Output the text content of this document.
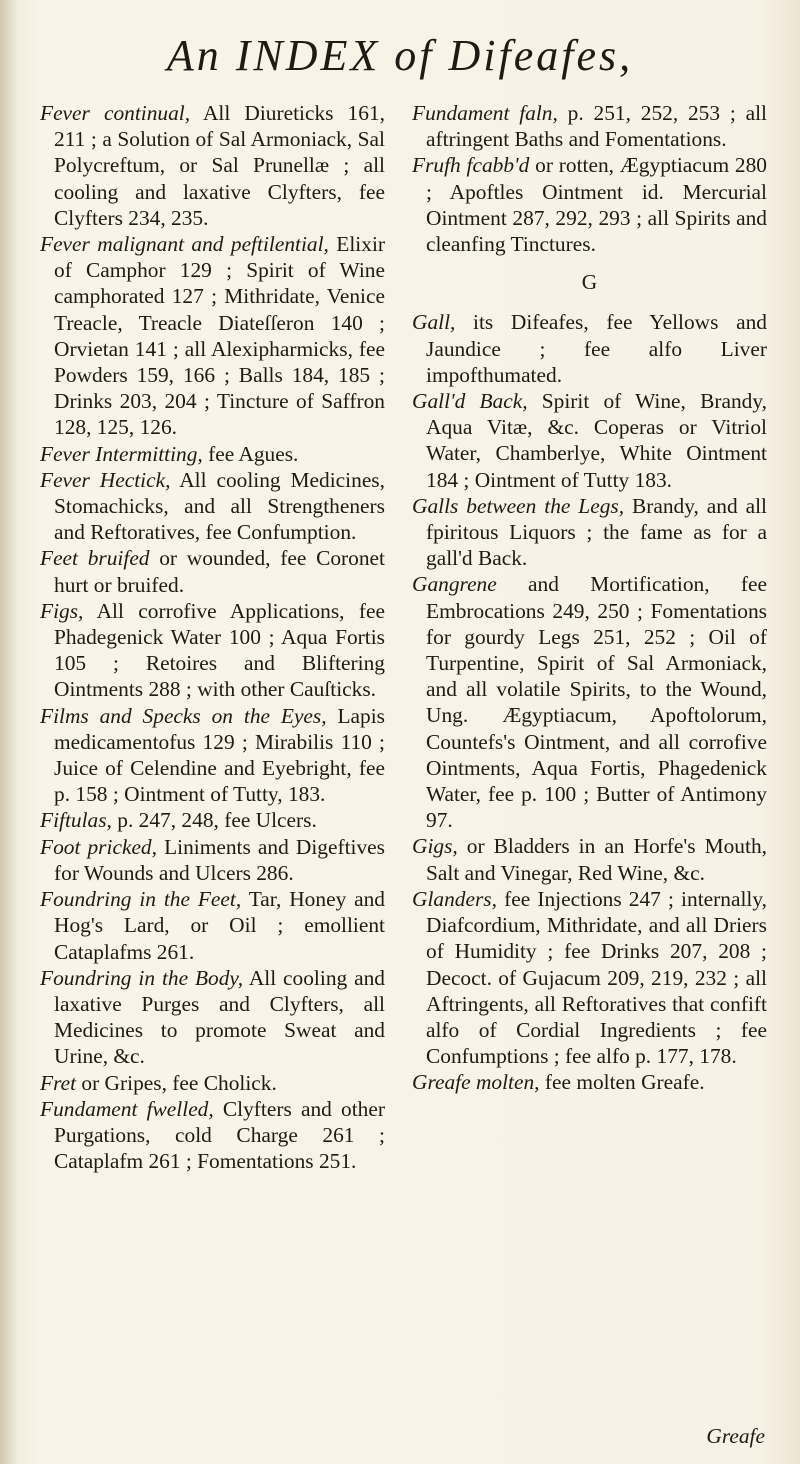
An INDEX of Difeafes,

Fever continual, All Diureticks 161, 211 ; a Solution of Sal Armoniack, Sal Polycreftum, or Sal Prunellæ ; all cooling and laxative Clyfters, fee Clyfters 234, 235.

Fever malignant and peftilential, Elixir of Camphor 129 ; Spirit of Wine camphorated 127 ; Mithridate, Venice Treacle, Treacle Diateſſeron 140 ; Orvietan 141 ; all Alexipharmicks, fee Powders 159, 166 ; Balls 184, 185 ; Drinks 203, 204 ; Tincture of Saffron 128, 125, 126.

Fever Intermitting, fee Agues.

Fever Hectick, All cooling Medicines, Stomachicks, and all Strengtheners and Reftoratives, fee Confumption.

Feet bruifed or wounded, fee Coronet hurt or bruifed.

Figs, All corrofive Applications, fee Phadegenick Water 100 ; Aqua Fortis 105 ; Retoires and Bliftering Ointments 288 ; with other Cauſticks.

Films and Specks on the Eyes, Lapis medicamentofus 129 ; Mirabilis 110 ; Juice of Celendine and Eyebright, fee p. 158 ; Ointment of Tutty, 183.

Fiftulas, p. 247, 248, fee Ulcers.

Foot pricked, Liniments and Digeftives for Wounds and Ulcers 286.

Foundring in the Feet, Tar, Honey and Hog's Lard, or Oil ; emollient Cataplafms 261.

Foundring in the Body, All cooling and laxative Purges and Clyfters, all Medicines to promote Sweat and Urine, &c.

Fret or Gripes, fee Cholick.

Fundament fwelled, Clyfters and other Purgations, cold Charge 261 ; Cataplafm 261 ; Fomentations 251.

Fundament faln, p. 251, 252, 253 ; all aftringent Baths and Fomentations.

Frufh fcabb'd or rotten, Ægyptiacum 280 ; Apoftles Ointment id. Mercurial Ointment 287, 292, 293 ; all Spirits and cleanfing Tinctures.

G

Gall, its Difeafes, fee Yellows and Jaundice ; fee alfo Liver impofthumated.

Gall'd Back, Spirit of Wine, Brandy, Aqua Vitæ, &c. Coperas or Vitriol Water, Chamberlye, White Ointment 184 ; Ointment of Tutty 183.

Galls between the Legs, Brandy, and all fpiritous Liquors ; the fame as for a gall'd Back.

Gangrene and Mortification, fee Embrocations 249, 250 ; Fomentations for gourdy Legs 251, 252 ; Oil of Turpentine, Spirit of Sal Armoniack, and all volatile Spirits, to the Wound, Ung. Ægyptiacum, Apoftolorum, Countefs's Ointment, and all corrofive Ointments, Aqua Fortis, Phagedenick Water, fee p. 100 ; Butter of Antimony 97.

Gigs, or Bladders in an Horfe's Mouth, Salt and Vinegar, Red Wine, &c.

Glanders, fee Injections 247 ; internally, Diafcordium, Mithridate, and all Driers of Humidity ; fee Drinks 207, 208 ; Decoct. of Gujacum 209, 219, 232 ; all Aftringents, all Reftoratives that confift alfo of Cordial Ingredients ; fee Confumptions ; fee alfo p. 177, 178.

Greafe molten, fee molten Greafe.

Greafe
